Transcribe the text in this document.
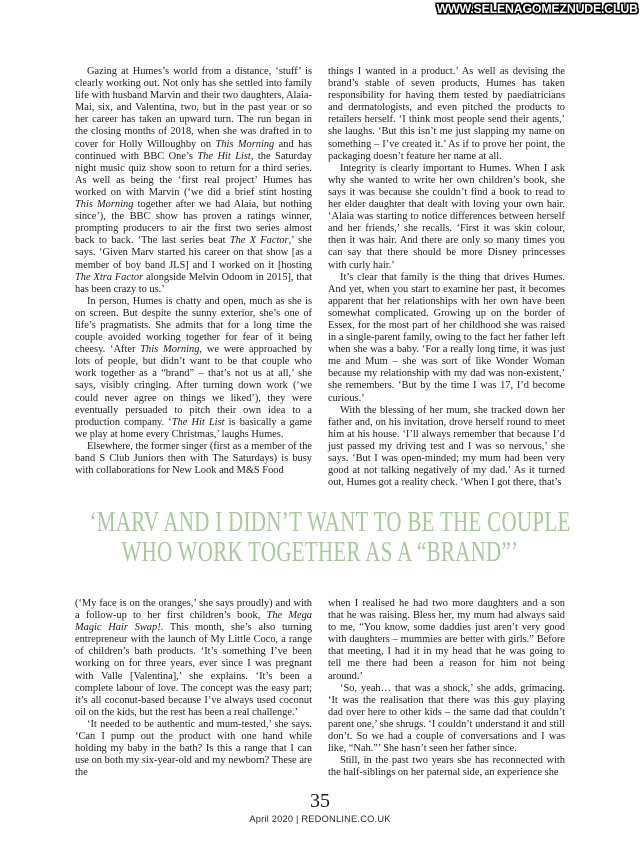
WWW.SELENAGOMEZNUDE.CLUB

Gazing at Humes’s world from a distance, ‘stuff’ is clearly working out. Not only has she settled into family life with husband Marvin and their two daughters, Alaia-Mai, six, and Valentina, two, but in the past year or so her career has taken an upward turn. The run began in the closing months of 2018, when she was drafted in to cover for Holly Willoughby on This Morning and has continued with BBC One’s The Hit List, the Saturday night music quiz show soon to return for a third series. As well as being the ‘first real project’ Humes has worked on with Marvin (‘we did a brief stint hosting This Morning together after we had Alaia, but nothing since’), the BBC show has proven a ratings winner, prompting producers to air the first two series almost back to back. ‘The last series beat The X Factor,’ she says. ‘Given Marv started his career on that show [as a member of boy band JLS] and I worked on it [hosting The Xtra Factor alongside Melvin Odoom in 2015], that has been crazy to us.’

In person, Humes is chatty and open, much as she is on screen. But despite the sunny exterior, she’s one of life’s pragmatists. She admits that for a long time the couple avoided working together for fear of it being cheesy. ‘After This Morning, we were approached by lots of people, but didn’t want to be that couple who work together as a “brand” – that’s not us at all,’ she says, visibly cringing. After turning down work (‘we could never agree on things we liked’), they were eventually persuaded to pitch their own idea to a production company. ‘The Hit List is basically a game we play at home every Christmas,’ laughs Humes.

Elsewhere, the former singer (first as a member of the band S Club Juniors then with The Saturdays) is busy with collaborations for New Look and M&S Food

things I wanted in a product.’ As well as devising the brand’s stable of seven products, Humes has taken responsibility for having them tested by paediatricians and dermatologists, and even pitched the products to retailers herself. ‘I think most people send their agents,’ she laughs. ‘But this isn’t me just slapping my name on something – I’ve created it.’ As if to prove her point, the packaging doesn’t feature her name at all.

Integrity is clearly important to Humes. When I ask why she wanted to write her own children’s book, she says it was because she couldn’t find a book to read to her elder daughter that dealt with loving your own hair. ‘Alaia was starting to notice differences between herself and her friends,’ she recalls. ‘First it was skin colour, then it was hair. And there are only so many times you can say that there should be more Disney princesses with curly hair.’

It’s clear that family is the thing that drives Humes. And yet, when you start to examine her past, it becomes apparent that her relationships with her own have been somewhat complicated. Growing up on the border of Essex, for the most part of her childhood she was raised in a single-parent family, owing to the fact her father left when she was a baby. ‘For a really long time, it was just me and Mum – she was sort of like Wonder Woman because my relationship with my dad was non-existent,’ she remembers. ‘But by the time I was 17, I’d become curious.’

With the blessing of her mum, she tracked down her father and, on his invitation, drove herself round to meet him at his house. ‘I’ll always remember that because I’d just passed my driving test and I was so nervous,’ she says. ‘But I was open-minded; my mum had been very good at not talking negatively of my dad.’ As it turned out, Humes got a reality check. ‘When I got there, that’s

‘MARV AND I DIDN’T WANT TO BE THE COUPLE
WHO WORK TOGETHER AS A “BRAND”’

(‘My face is on the oranges,’ she says proudly) and with a follow-up to her first children’s book, The Mega Magic Hair Swap!. This month, she’s also turning entrepreneur with the launch of My Little Coco, a range of children’s bath products. ‘It’s something I’ve been working on for three years, ever since I was pregnant with Valle [Valentina],’ she explains. ‘It’s been a complete labour of love. The concept was the easy part; it’s all coconut-based because I’ve always used coconut oil on the kids, but the rest has been a real challenge.’

‘It needed to be authentic and mum-tested,’ she says. ‘Can I pump out the product with one hand while holding my baby in the bath? Is this a range that I can use on both my six-year-old and my newborn? These are the

when I realised he had two more daughters and a son that he was raising. Bless her, my mum had always said to me, “You know, some daddies just aren’t very good with daughters – mummies are better with girls.” Before that meeting, I had it in my head that he was going to tell me there had been a reason for him not being around.’

‘So, yeah… that was a shock,’ she adds, grimacing. ‘It was the realisation that there was this guy playing dad over here to other kids – the same dad that couldn’t parent one,’ she shrugs. ‘I couldn’t understand it and still don’t. So we had a couple of conversations and I was like, “Nah.”’ She hasn’t seen her father since.

Still, in the past two years she has reconnected with the half-siblings on her paternal side, an experience she

35
April 2020 | REDONLINE.CO.UK
